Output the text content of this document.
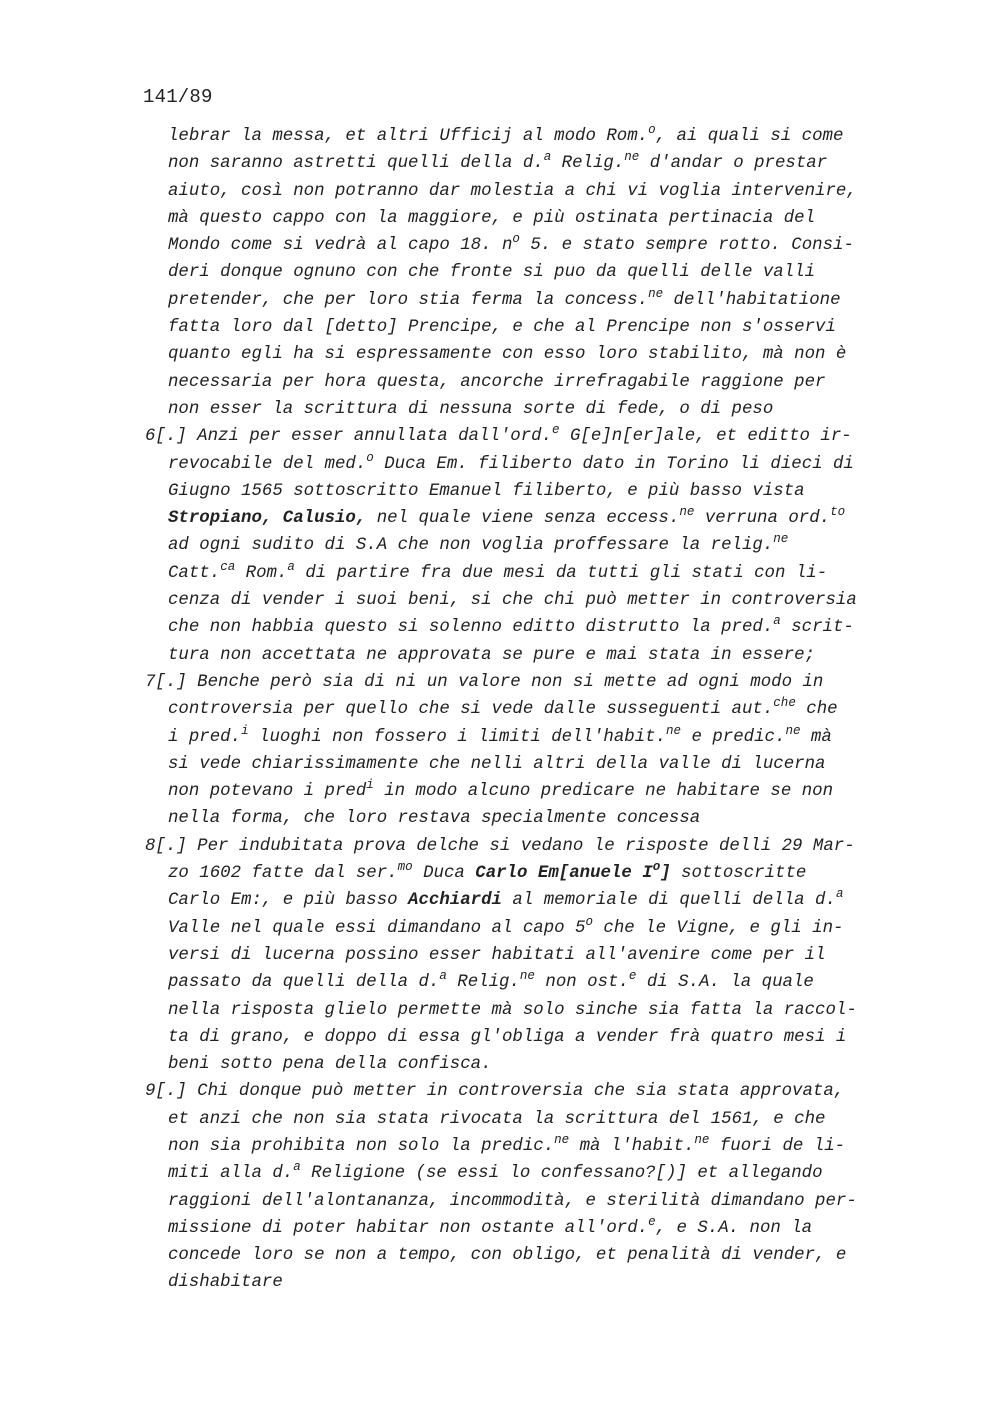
141/89
lebrar la messa, et altri Ufficij al modo Rom.$^o$, ai quali si come
non saranno astretti quelli della d.$^a$ Relig.$^{ne}$ d'andar o prestar
aiuto, così non potranno dar molestia a chi vi voglia intervenire,
mà questo cappo con la maggiore, e più ostinata pertinacia del
Mondo come si vedrà al capo 18. $n^o$ 5. e stato sempre rotto. Consi-
deri donque ognuno con che fronte si puo da quelli delle valli
pretender, che per loro stia ferma la concess.$^{ne}$ dell'habitatione
fatta loro dal [detto] Prencipe, e che al Prencipe non s'osservi
quanto egli ha si espressamente con esso loro stabilito, mà non è
necessaria per hora questa, ancorche irrefragabile raggione per
non esser la scrittura di nessuna sorte di fede, o di peso
6[.] Anzi per esser annullata dall'ord.$^e$ G[e]n[er]ale, et editto ir-
revocabile del med.$^o$ Duca Em. filiberto dato in Torino li dieci di
Giugno 1565 sottoscritto Emanuel filiberto, e più basso vista
Stropiano, Calusio, nel quale viene senza eccess.$^{ne}$ verruna ord.$^{to}$
ad ogni sudito di S.A che non voglia proffessare la relig.$^{ne}$
Catt.$^{ca}$ Rom.$^a$ di partire fra due mesi da tutti gli stati con li-
cenza di vender i suoi beni, si che chi può metter in controversia
che non habbia questo si solenno editto distrutto la pred.$^a$ scrit-
tura non accettata ne approvata se pure e mai stata in essere;
7[.] Benche però sia di ni un valore non si mette ad ogni modo in
controversia per quello che si vede dalle susseguenti aut.$^{che}$ che
i pred.$^i$ luoghi non fossero i limiti dell'habit.$^{ne}$ e predic.$^{ne}$ mà
si vede chiarissimamente che nelli altri della valle di lucerna
non potevano i pred$^i$ in modo alcuno predicare ne habitare se non
nella forma, che loro restava specialmente concessa
8[.] Per indubitata prova delche si vedano le risposte delli 29 Mar-
zo 1602 fatte dal ser.$^{mo}$ Duca Carlo Em[anuele $I^o$] sottoscritte
Carlo Em:, e più basso Acchiardi al memoriale di quelli della d.$^a$
Valle nel quale essi dimandano al capo 5$^o$ che le Vigne, e gli in-
versi di lucerna possino esser habitati all'avenire come per il
passato da quelli della d.$^a$ Relig.$^{ne}$ non ost.$^e$ di S.A. la quale
nella risposta glielo permette mà solo sinche sia fatta la raccol-
ta di grano, e doppo di essa gl'obliga a vender frà quatro mesi i
beni sotto pena della confisca.
9[.] Chi donque può metter in controversia che sia stata approvata,
et anzi che non sia stata rivocata la scrittura del 1561, e che
non sia prohibita non solo la predic.$^{ne}$ mà l'habit.$^{ne}$ fuori de li-
miti alla d.$^a$ Religione (se essi lo confessano?[)] et allegando
raggioni dell'alontananza, incommodità, e sterilità dimandano per-
missione di poter habitar non ostante all'ord.$^e$, e S.A. non la
concede loro se non a tempo, con obligo, et penalità di vender, e
dishabitare
